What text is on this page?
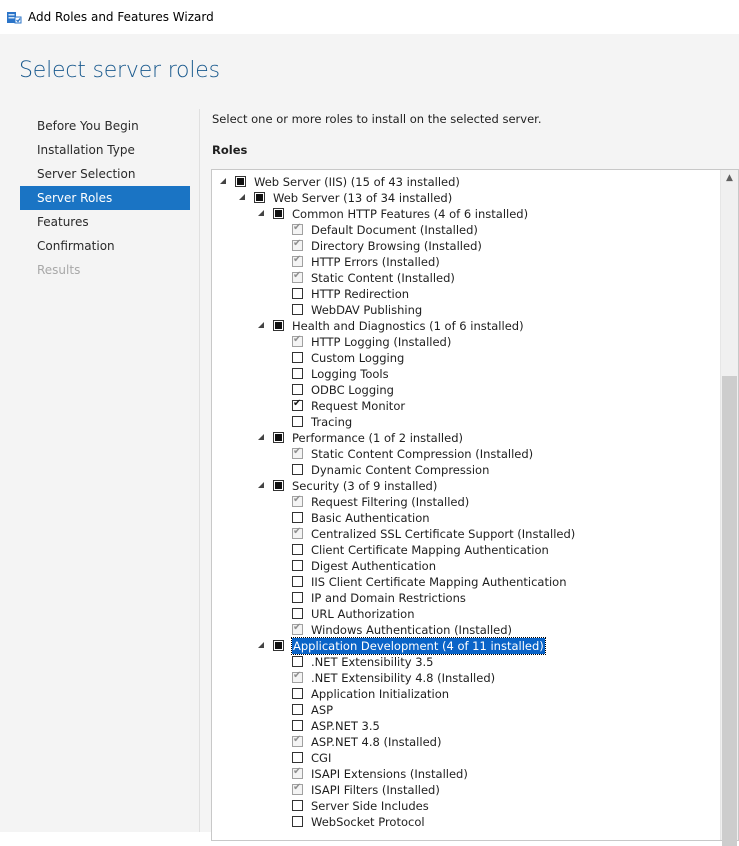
Add Roles and Features Wizard
Select server roles
Before You Begin
Installation Type
Server Selection
Server Roles
Features
Confirmation
Results
Select one or more roles to install on the selected server.
Roles
Web Server (IIS) (15 of 43 installed)
Web Server (13 of 34 installed)
Common HTTP Features (4 of 6 installed)
✔
Default Document (Installed)
✔
Directory Browsing (Installed)
✔
HTTP Errors (Installed)
✔
Static Content (Installed)
HTTP Redirection
WebDAV Publishing
Health and Diagnostics (1 of 6 installed)
✔
HTTP Logging (Installed)
Custom Logging
Logging Tools
ODBC Logging
✔
Request Monitor
Tracing
Performance (1 of 2 installed)
✔
Static Content Compression (Installed)
Dynamic Content Compression
Security (3 of 9 installed)
✔
Request Filtering (Installed)
Basic Authentication
✔
Centralized SSL Certificate Support (Installed)
Client Certificate Mapping Authentication
Digest Authentication
IIS Client Certificate Mapping Authentication
IP and Domain Restrictions
URL Authorization
✔
Windows Authentication (Installed)
Application Development (4 of 11 installed)
.NET Extensibility 3.5
✔
.NET Extensibility 4.8 (Installed)
Application Initialization
ASP
ASP.NET 3.5
✔
ASP.NET 4.8 (Installed)
CGI
✔
ISAPI Extensions (Installed)
✔
ISAPI Filters (Installed)
Server Side Includes
WebSocket Protocol
▲
